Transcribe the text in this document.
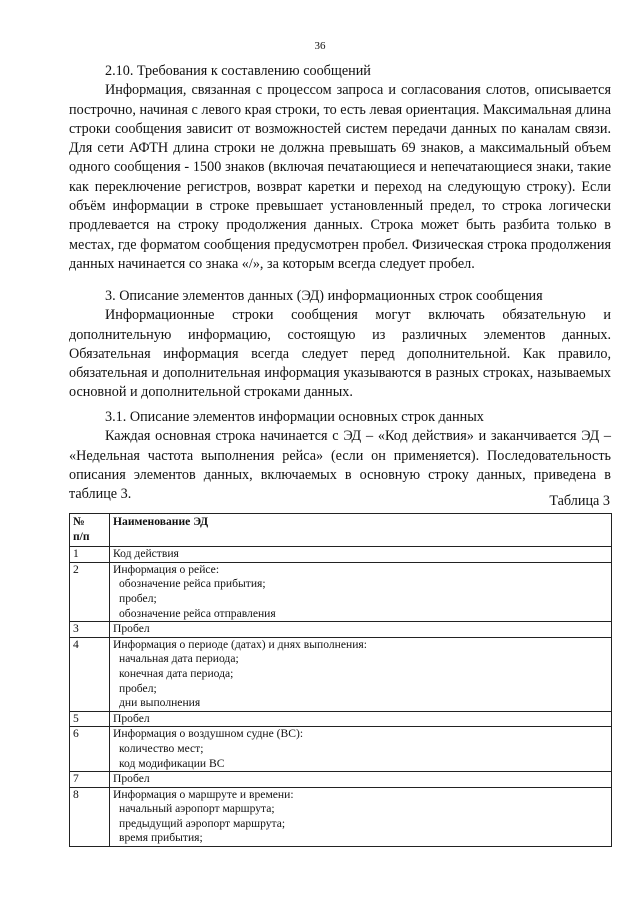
36

2.10. Требования к составлению сообщений

Информация, связанная с процессом запроса и согласования слотов, описывается построчно, начиная с левого края строки, то есть левая ориентация. Максимальная длина строки сообщения зависит от возможностей систем передачи данных по каналам связи. Для сети АФТН длина строки не должна превышать 69 знаков, а максимальный объем одного сообщения - 1500 знаков (включая печатающиеся и непечатающиеся знаки, такие как переключение регистров, возврат каретки и переход на следующую строку). Если объём информации в строке превышает установленный предел, то строка логически продлевается на строку продолжения данных. Строка может быть разбита только в местах, где форматом сообщения предусмотрен пробел. Физическая строка продолжения данных начинается со знака «/», за которым всегда следует пробел.

3. Описание элементов данных (ЭД) информационных строк сообщения

Информационные строки сообщения могут включать обязательную и дополнительную информацию, состоящую из различных элементов данных. Обязательная информация всегда следует перед дополнительной. Как правило, обязательная и дополнительная информация указываются в разных строках, называемых основной и дополнительной строками данных.

3.1. Описание элементов информации основных строк данных

Каждая основная строка начинается с ЭД – «Код действия» и заканчивается ЭД – «Недельная частота выполнения рейса» (если он применяется). Последовательность описания элементов данных, включаемых в основную строку данных, приведена в таблице 3.	Таблица 3
№
п/п	Наименование ЭД
1	Код действия
2	Информация о рейсе:
обозначение рейса прибытия;
пробел;
обозначение рейса отправления

3	Пробел
4	Информация о периоде (датах) и днях выполнения:
начальная дата периода;
конечная дата периода;
пробел;
дни выполнения

5	Пробел
6	Информация о воздушном судне (ВС):
количество мест;
код модификации ВС

7	Пробел
8	Информация о маршруте и времени:
начальный аэропорт маршрута;
предыдущий аэропорт маршрута;
время прибытия;
